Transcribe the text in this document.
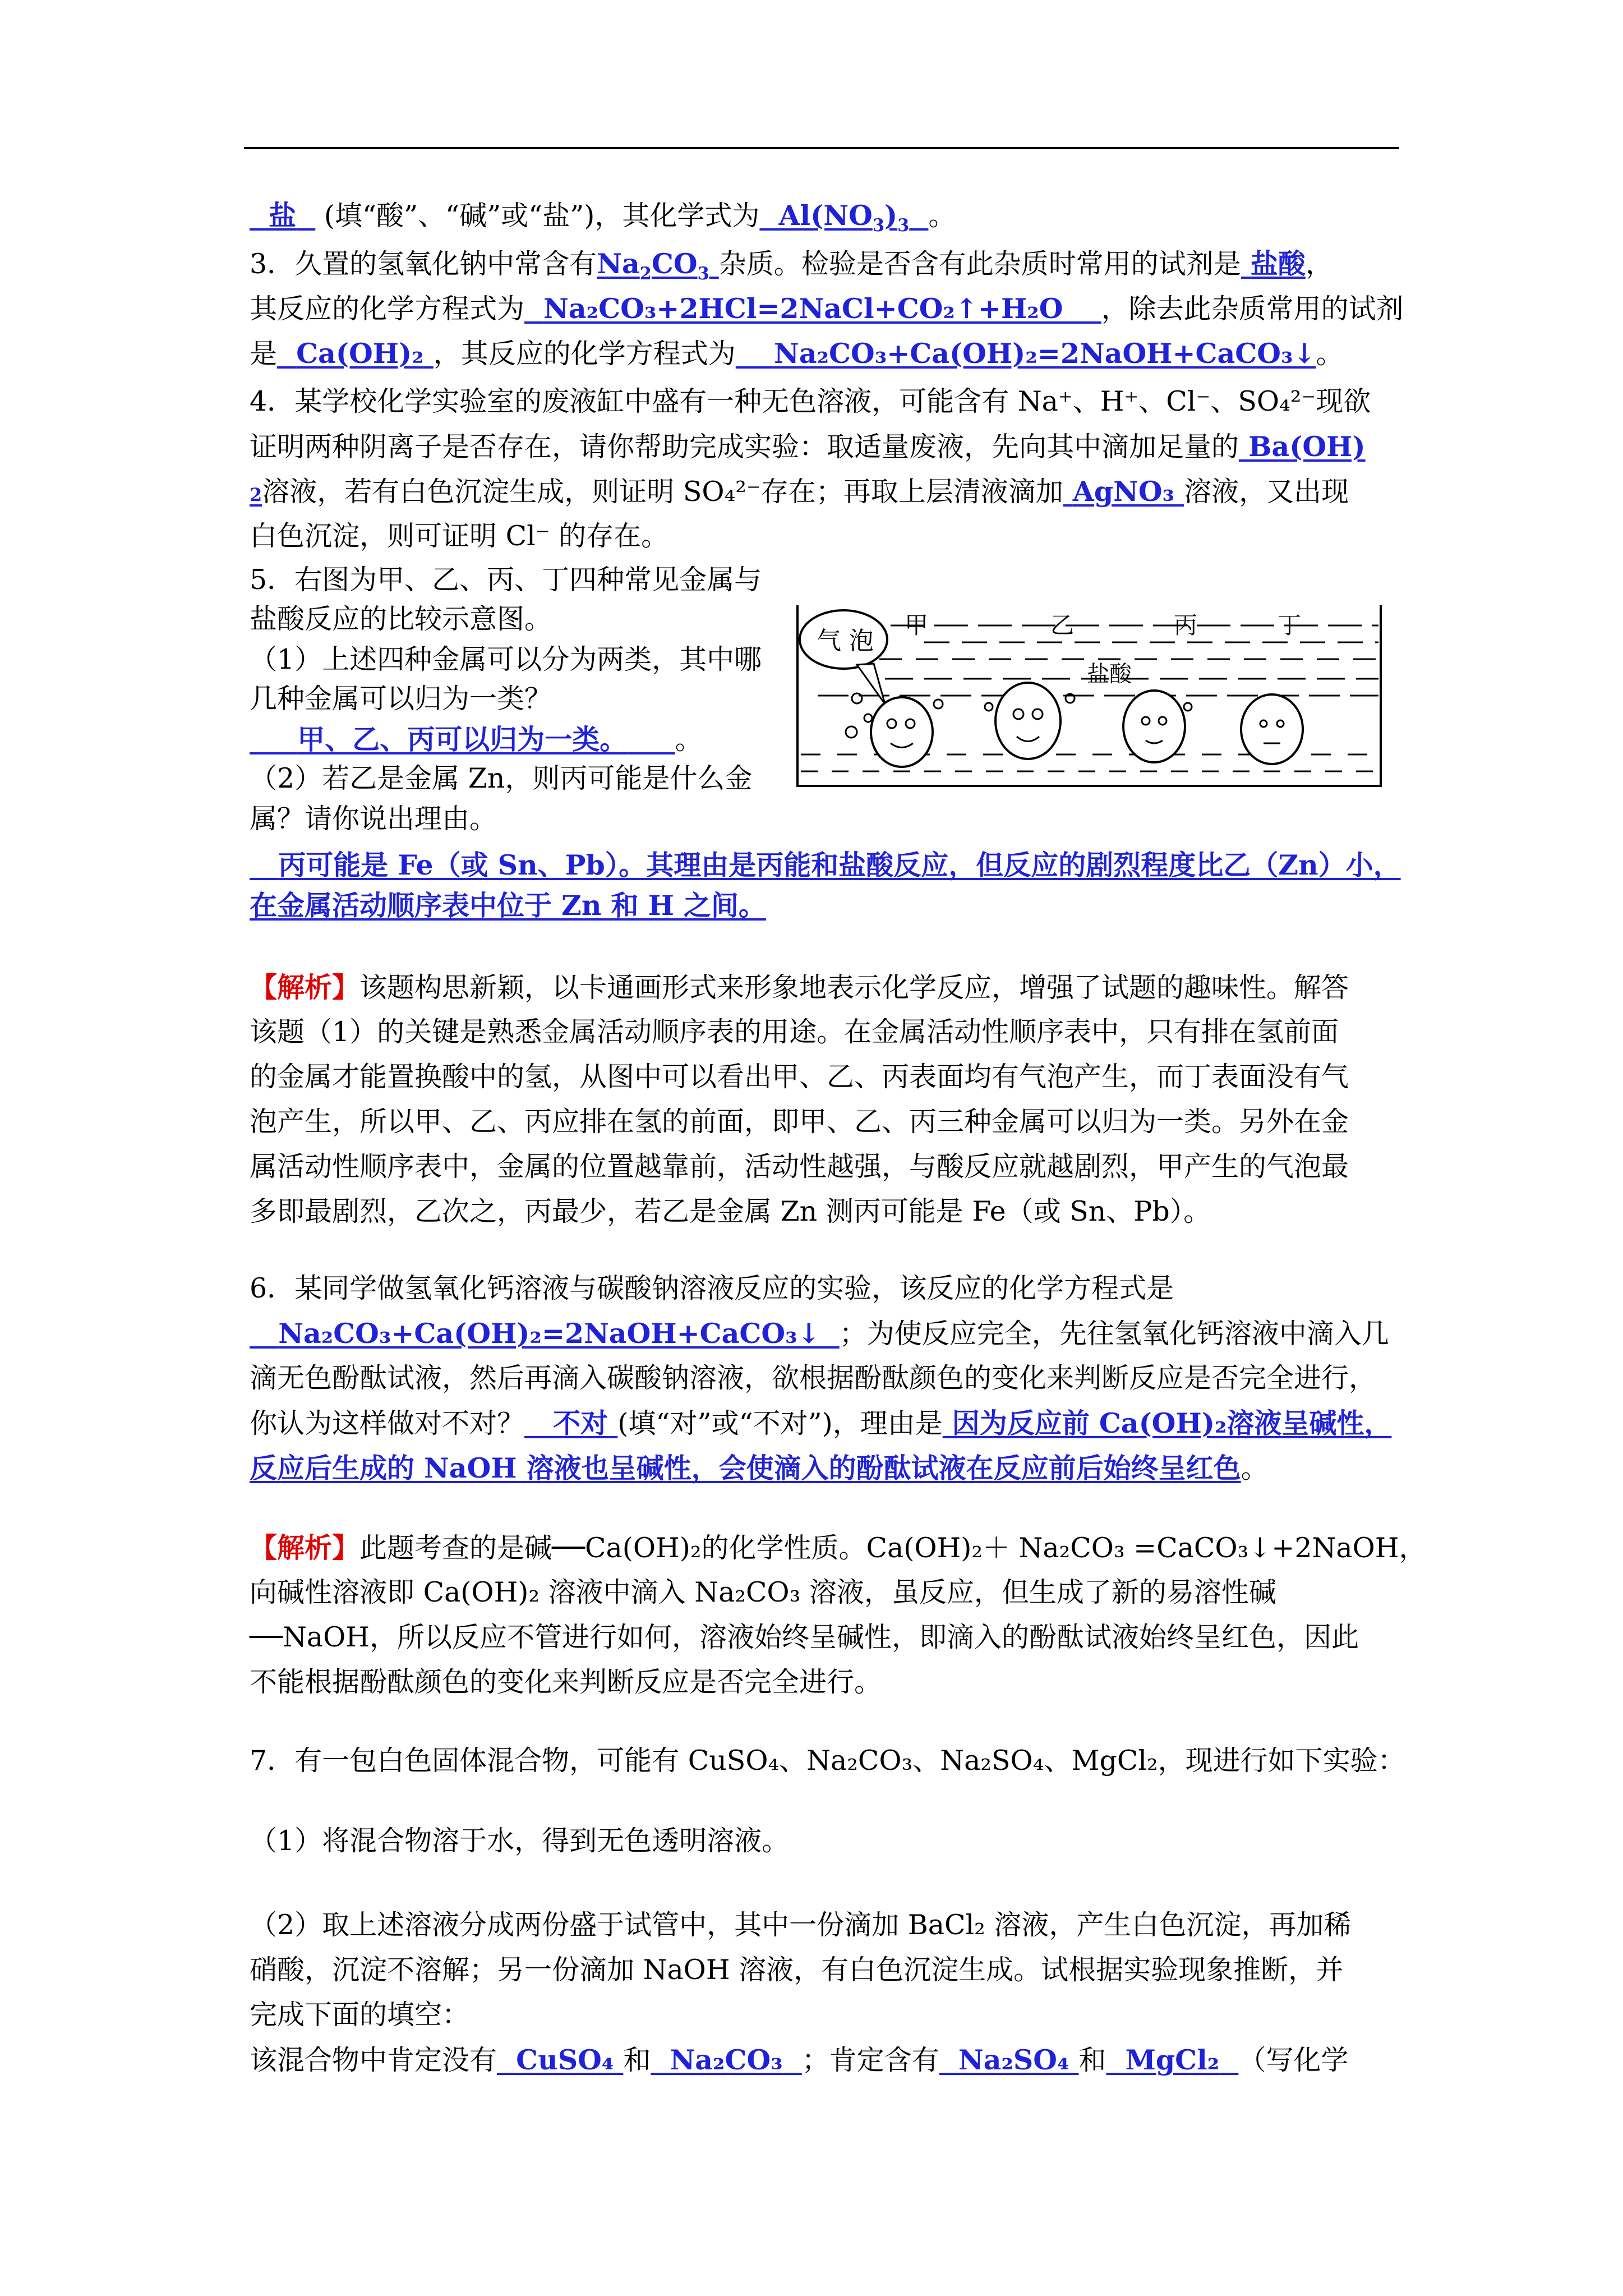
盐   (填“酸”、“碱”或“盐”)，其化学式为 $Al(NO_3)_3$ 。
3．久置的氢氧化钠中常含有$Na_2CO_3$ 杂质。检验是否含有此杂质时常用的试剂是 盐酸，
其反应的化学方程式为 Na₂CO₃+2HCl=2NaCl+CO₂↑+H₂O ，除去此杂质常用的试剂
是 Ca(OH)₂ ，其反应的化学方程式为 Na₂CO₃+Ca(OH)₂=2NaOH+CaCO₃↓。
4．某学校化学实验室的废液缸中盛有一种无色溶液，可能含有 Na⁺、H⁺、Cl⁻、SO₄²⁻现欲
证明两种阴离子是否存在，请你帮助完成实验：取适量废液，先向其中滴加足量的 Ba(OH)
2溶液，若有白色沉淀生成，则证明 SO₄²⁻存在；再取上层清液滴加 AgNO₃ 溶液，又出现
白色沉淀，则可证明 Cl⁻ 的存在。
5．右图为甲、乙、丙、丁四种常见金属与
盐酸反应的比较示意图。
（1）上述四种金属可以分为两类，其中哪
几种金属可以归为一类？
甲、乙、丙可以归为一类。 。
（2）若乙是金属 Zn，则丙可能是什么金
属？请你说出理由。
丙可能是 Fe（或 Sn、Pb）。其理由是丙能和盐酸反应，但反应的剧烈程度比乙（Zn）小，
在金属活动顺序表中位于 Zn 和 H 之间。
气 泡
甲	乙	丙	丁
盐酸
【解析】该题构思新颖，以卡通画形式来形象地表示化学反应，增强了试题的趣味性。解答
该题（1）的关键是熟悉金属活动顺序表的用途。在金属活动性顺序表中，只有排在氢前面
的金属才能置换酸中的氢，从图中可以看出甲、乙、丙表面均有气泡产生，而丁表面没有气
泡产生，所以甲、乙、丙应排在氢的前面，即甲、乙、丙三种金属可以归为一类。另外在金
属活动性顺序表中，金属的位置越靠前，活动性越强，与酸反应就越剧烈，甲产生的气泡最
多即最剧烈，乙次之，丙最少，若乙是金属 Zn 测丙可能是 Fe（或 Sn、Pb）。
6．某同学做氢氧化钙溶液与碳酸钠溶液反应的实验，该反应的化学方程式是
Na₂CO₃+Ca(OH)₂=2NaOH+CaCO₃↓ ；为使反应完全，先往氢氧化钙溶液中滴入几
滴无色酚酞试液，然后再滴入碳酸钠溶液，欲根据酚酞颜色的变化来判断反应是否完全进行，
你认为这样做对不对？ 不对 (填“对”或“不对”)，理由是 因为反应前 Ca(OH)₂溶液呈碱性，
反应后生成的 NaOH 溶液也呈碱性，会使滴入的酚酞试液在反应前后始终呈红色。
【解析】此题考查的是碱──Ca(OH)₂的化学性质。Ca(OH)₂＋ Na₂CO₃ =CaCO₃↓+2NaOH，
向碱性溶液即 Ca(OH)₂ 溶液中滴入 Na₂CO₃ 溶液，虽反应，但生成了新的易溶性碱
──NaOH，所以反应不管进行如何，溶液始终呈碱性，即滴入的酚酞试液始终呈红色，因此
不能根据酚酞颜色的变化来判断反应是否完全进行。
7．有一包白色固体混合物，可能有 CuSO₄、Na₂CO₃、Na₂SO₄、MgCl₂，现进行如下实验：
（1）将混合物溶于水，得到无色透明溶液。
（2）取上述溶液分成两份盛于试管中，其中一份滴加 BaCl₂ 溶液，产生白色沉淀，再加稀
硝酸，沉淀不溶解；另一份滴加 NaOH 溶液，有白色沉淀生成。试根据实验现象推断，并
完成下面的填空：
该混合物中肯定没有 CuSO₄ 和 Na₂CO₃ ；肯定含有 Na₂SO₄ 和 MgCl₂ （写化学
